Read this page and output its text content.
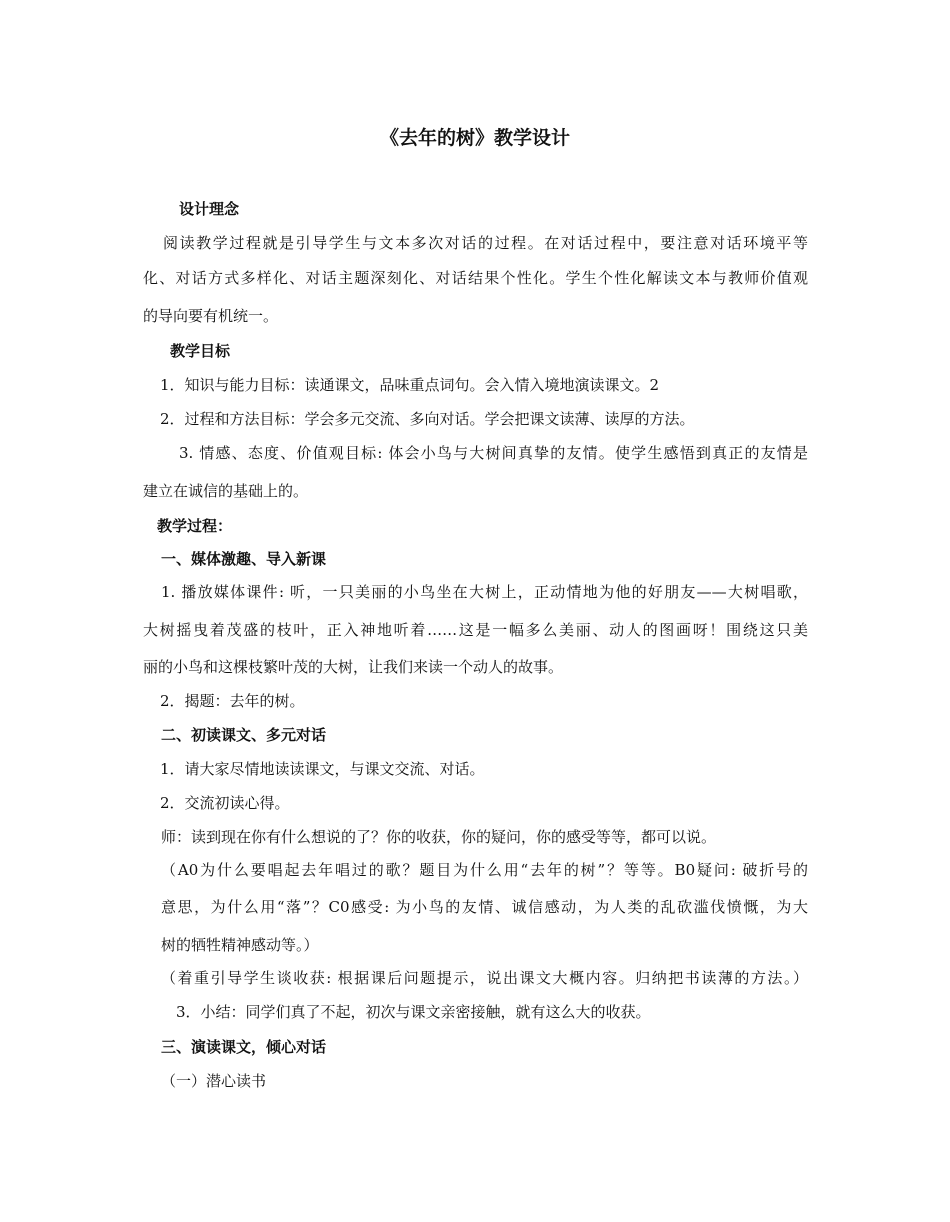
《去年的树》教学设计
设计理念
阅读教学过程就是引导学生与文本多次对话的过程。在对话过程中，要注意对话环境平等
化、对话方式多样化、对话主题深刻化、对话结果个性化。学生个性化解读文本与教师价值观
的导向要有机统一。
教学目标
1．知识与能力目标：读通课文，品味重点词句。会入情入境地演读课文。2
2．过程和方法目标：学会多元交流、多向对话。学会把课文读薄、读厚的方法。
3. 情感、态度、价值观目标: 体会小鸟与大树间真挚的友情。使学生感悟到真正的友情是
建立在诚信的基础上的。
教学过程：
一、媒体激趣、导入新课
1. 播放媒体课件: 听，一只美丽的小鸟坐在大树上，正动情地为他的好朋友——大树唱歌，
大树摇曳着茂盛的枝叶，正入神地听着……这是一幅多么美丽、动人的图画呀！围绕这只美
丽的小鸟和这棵枝繁叶茂的大树，让我们来读一个动人的故事。
2．揭题：去年的树。
二、初读课文、多元对话
1．请大家尽情地读读课文，与课文交流、对话。
2．交流初读心得。
师：读到现在你有什么想说的了？你的收获，你的疑问，你的感受等等，都可以说。
（A0为什么要唱起去年唱过的歌？题目为什么用“去年的树”？等等。B0疑问: 破折号的
意思，为什么用“落”？C0感受: 为小鸟的友情、诚信感动，为人类的乱砍滥伐愤慨，为大
树的牺牲精神感动等。）
（着重引导学生谈收获: 根据课后问题提示，说出课文大概内容。归纳把书读薄的方法。）
3．小结：同学们真了不起，初次与课文亲密接触，就有这么大的收获。
三、演读课文，倾心对话
（一）潜心读书
